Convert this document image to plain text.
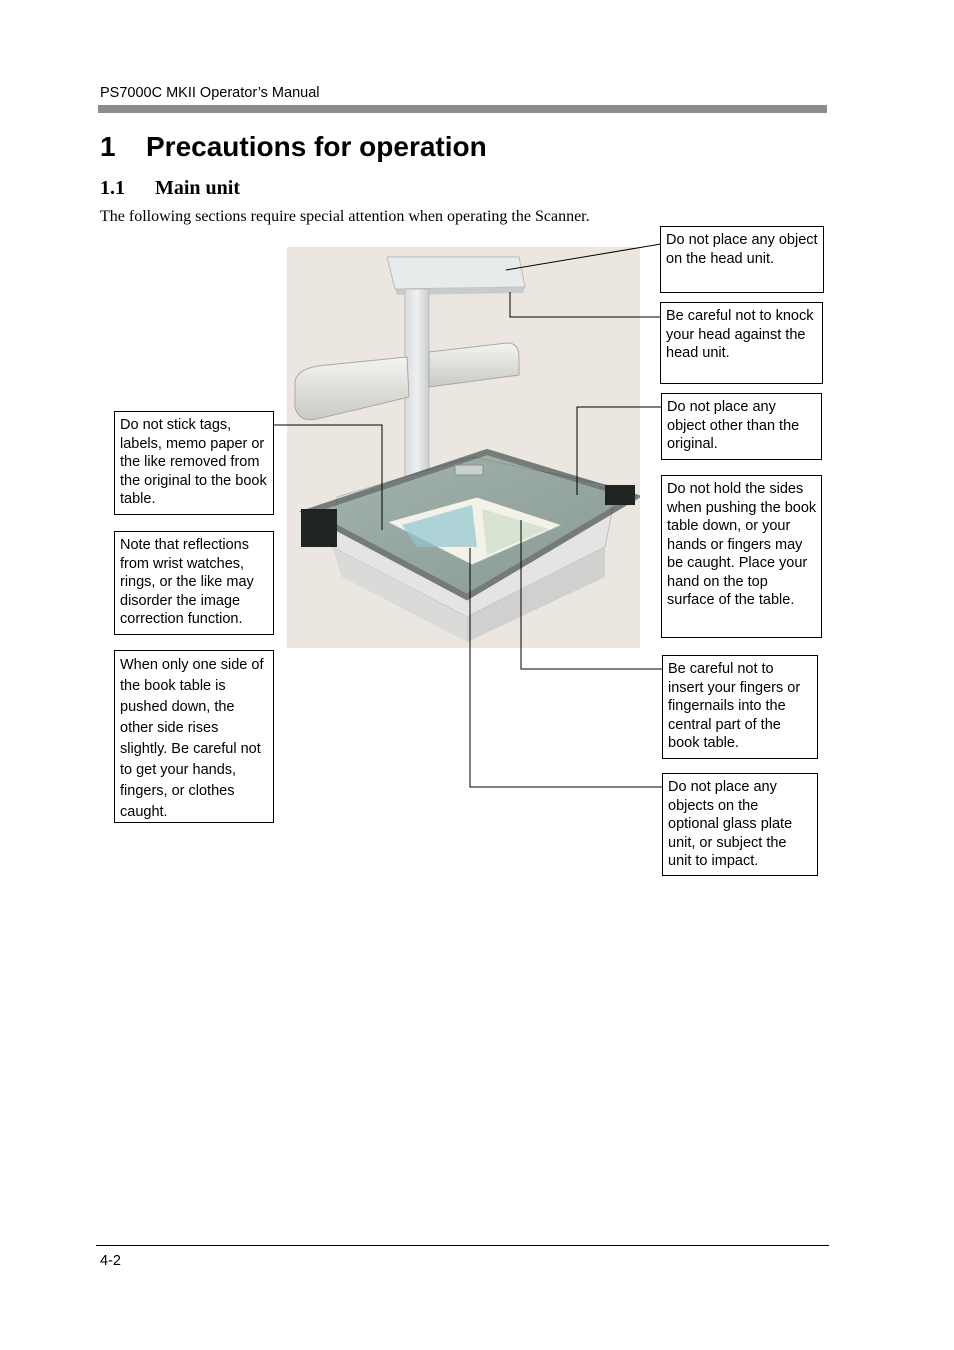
PS7000C MKII Operator’s Manual
1 Precautions for operation
1.1 Main unit
The following sections require special attention when operating the Scanner.
Do not place any object on the head unit.
Be careful not to knock your head against the head unit.
Do not place any object other than the original.
Do not hold the sides when pushing the book table down, or your hands or fingers may be caught. Place your hand on the top surface of the table.
Be careful not to insert your fingers or fingernails into the central part of the book table.
Do not place any objects on the optional glass plate unit, or subject the unit to impact.
Do not stick tags, labels, memo paper or the like removed from the original to the book table.
Note that reflections from wrist watches, rings, or the like may disorder the image correction function.
When only one side of the book table is pushed down, the other side rises slightly. Be careful not to get your hands, fingers, or clothes caught.
4-2
